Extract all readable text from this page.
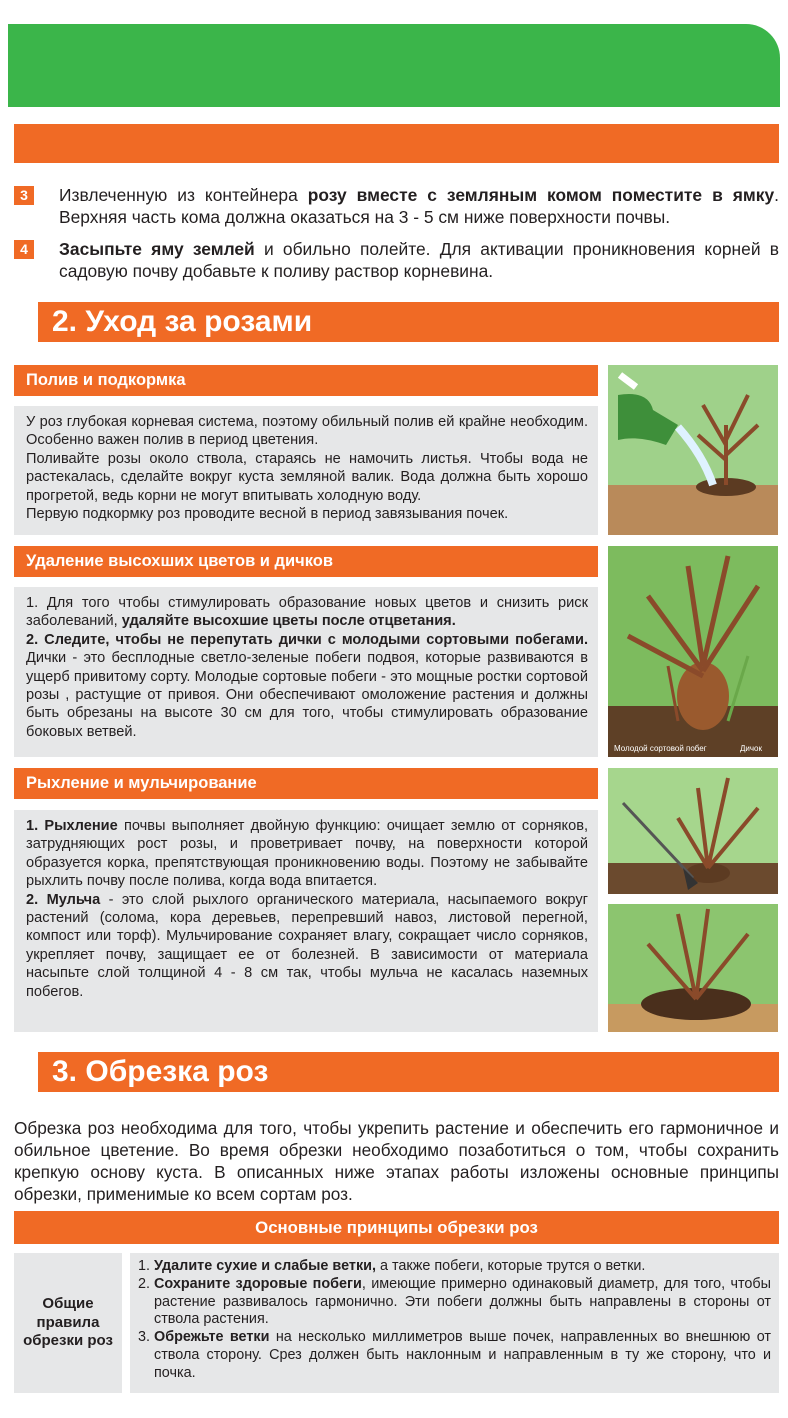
3	Извлеченную из контейнера розу вместе с земляным комом поместите в ямку. Верхняя часть кома должна оказаться на 3 - 5 см ниже поверхности почвы.
4	Засыпьте яму землей и обильно полейте. Для активации проникновения корней в садовую почву добавьте к поливу раствор корневина.
2. Уход за розами
Полив и подкормка

У роз глубокая корневая система, поэтому обильный полив ей крайне необходим. Особенно важен полив в период цветения.

Поливайте розы около ствола, стараясь не намочить листья. Чтобы вода не растекалась, сделайте вокруг куста земляной валик. Вода должна быть хорошо прогретой, ведь корни не могут впитывать холодную воду.

Первую подкормку роз проводите весной в период завязывания почек.

Удаление высохших цветов и дичков

1. Для того чтобы стимулировать образование новых цветов и снизить риск заболеваний, удаляйте высохшие цветы после отцветания.

2. Следите, чтобы не перепутать дички с молодыми сортовыми побегами. Дички - это бесплодные светло-зеленые побеги подвоя, которые развиваются в ущерб привитому сорту. Молодые сортовые побеги - это мощные ростки сортовой розы , растущие от привоя. Они обеспечивают омоложение растения и должны быть обрезаны на высоте 30 см для того, чтобы стимулировать образование боковых ветвей.

Молодой сортовой побег	Дичок
Рыхление и мульчирование

1. Рыхление почвы выполняет двойную функцию: очищает землю от сорняков, затрудняющих рост розы, и проветривает почву, на поверхности которой образуется корка, препятствующая проникновению воды. Поэтому не забывайте рыхлить почву после полива, когда вода впитается.

2. Мульча - это слой рыхлого органического материала, насыпаемого вокруг растений (солома, кора деревьев, перепревший навоз, листовой перегной, компост или торф). Мульчирование сохраняет влагу, сокращает число сорняков, укрепляет почву, защищает ее от болезней. В зависимости от материала насыпьте слой толщиной 4 - 8 см так, чтобы мульча не касалась наземных побегов.

3. Обрезка роз
Обрезка роз необходима для того, чтобы укрепить растение и обеспечить его гармоничное и обильное цветение. Во время обрезки необходимо позаботиться о том, чтобы сохранить крепкую основу куста. В описанных ниже этапах работы изложены основные принципы обрезки, применимые ко всем сортам роз.
Основные принципы обрезки роз
Общие правила обрезки роз
1. Удалите сухие и слабые ветки, а также побеги, которые трутся о ветки.
2. Сохраните здоровые побеги, имеющие примерно одинаковый диаметр, для того, чтобы растение развивалось гармонично. Эти побеги должны быть направлены в стороны от ствола растения.
3. Обрежьте ветки на несколько миллиметров выше почек, направленных во внешнюю от ствола сторону. Срез должен быть наклонным и направленным в ту же сторону, что и почка.
